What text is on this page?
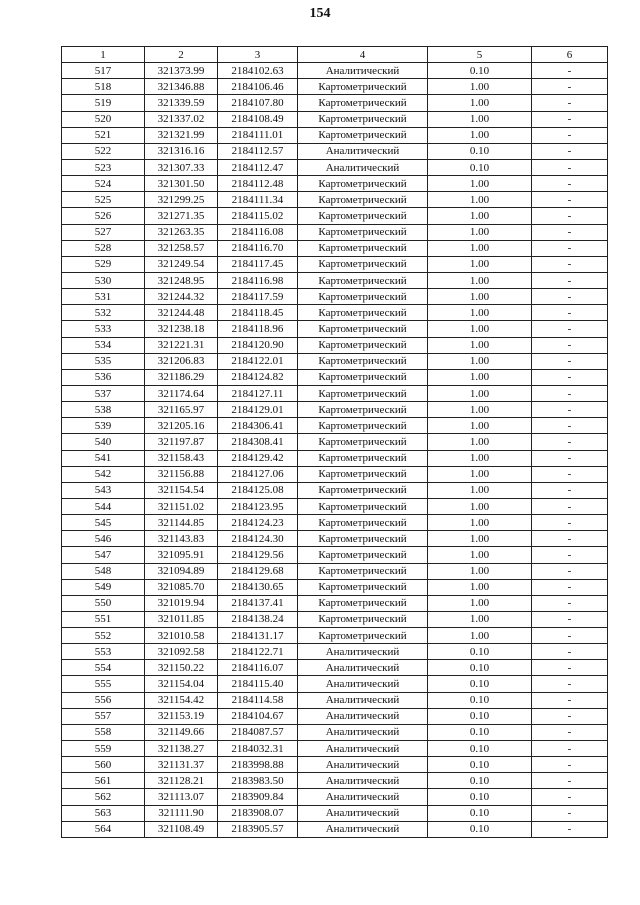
154
1	2	3	4	5	6
517	321373.99	2184102.63	Аналитический	0.10	-
518	321346.88	2184106.46	Картометрический	1.00	-
519	321339.59	2184107.80	Картометрический	1.00	-
520	321337.02	2184108.49	Картометрический	1.00	-
521	321321.99	2184111.01	Картометрический	1.00	-
522	321316.16	2184112.57	Аналитический	0.10	-
523	321307.33	2184112.47	Аналитический	0.10	-
524	321301.50	2184112.48	Картометрический	1.00	-
525	321299.25	2184111.34	Картометрический	1.00	-
526	321271.35	2184115.02	Картометрический	1.00	-
527	321263.35	2184116.08	Картометрический	1.00	-
528	321258.57	2184116.70	Картометрический	1.00	-
529	321249.54	2184117.45	Картометрический	1.00	-
530	321248.95	2184116.98	Картометрический	1.00	-
531	321244.32	2184117.59	Картометрический	1.00	-
532	321244.48	2184118.45	Картометрический	1.00	-
533	321238.18	2184118.96	Картометрический	1.00	-
534	321221.31	2184120.90	Картометрический	1.00	-
535	321206.83	2184122.01	Картометрический	1.00	-
536	321186.29	2184124.82	Картометрический	1.00	-
537	321174.64	2184127.11	Картометрический	1.00	-
538	321165.97	2184129.01	Картометрический	1.00	-
539	321205.16	2184306.41	Картометрический	1.00	-
540	321197.87	2184308.41	Картометрический	1.00	-
541	321158.43	2184129.42	Картометрический	1.00	-
542	321156.88	2184127.06	Картометрический	1.00	-
543	321154.54	2184125.08	Картометрический	1.00	-
544	321151.02	2184123.95	Картометрический	1.00	-
545	321144.85	2184124.23	Картометрический	1.00	-
546	321143.83	2184124.30	Картометрический	1.00	-
547	321095.91	2184129.56	Картометрический	1.00	-
548	321094.89	2184129.68	Картометрический	1.00	-
549	321085.70	2184130.65	Картометрический	1.00	-
550	321019.94	2184137.41	Картометрический	1.00	-
551	321011.85	2184138.24	Картометрический	1.00	-
552	321010.58	2184131.17	Картометрический	1.00	-
553	321092.58	2184122.71	Аналитический	0.10	-
554	321150.22	2184116.07	Аналитический	0.10	-
555	321154.04	2184115.40	Аналитический	0.10	-
556	321154.42	2184114.58	Аналитический	0.10	-
557	321153.19	2184104.67	Аналитический	0.10	-
558	321149.66	2184087.57	Аналитический	0.10	-
559	321138.27	2184032.31	Аналитический	0.10	-
560	321131.37	2183998.88	Аналитический	0.10	-
561	321128.21	2183983.50	Аналитический	0.10	-
562	321113.07	2183909.84	Аналитический	0.10	-
563	321111.90	2183908.07	Аналитический	0.10	-
564	321108.49	2183905.57	Аналитический	0.10	-
